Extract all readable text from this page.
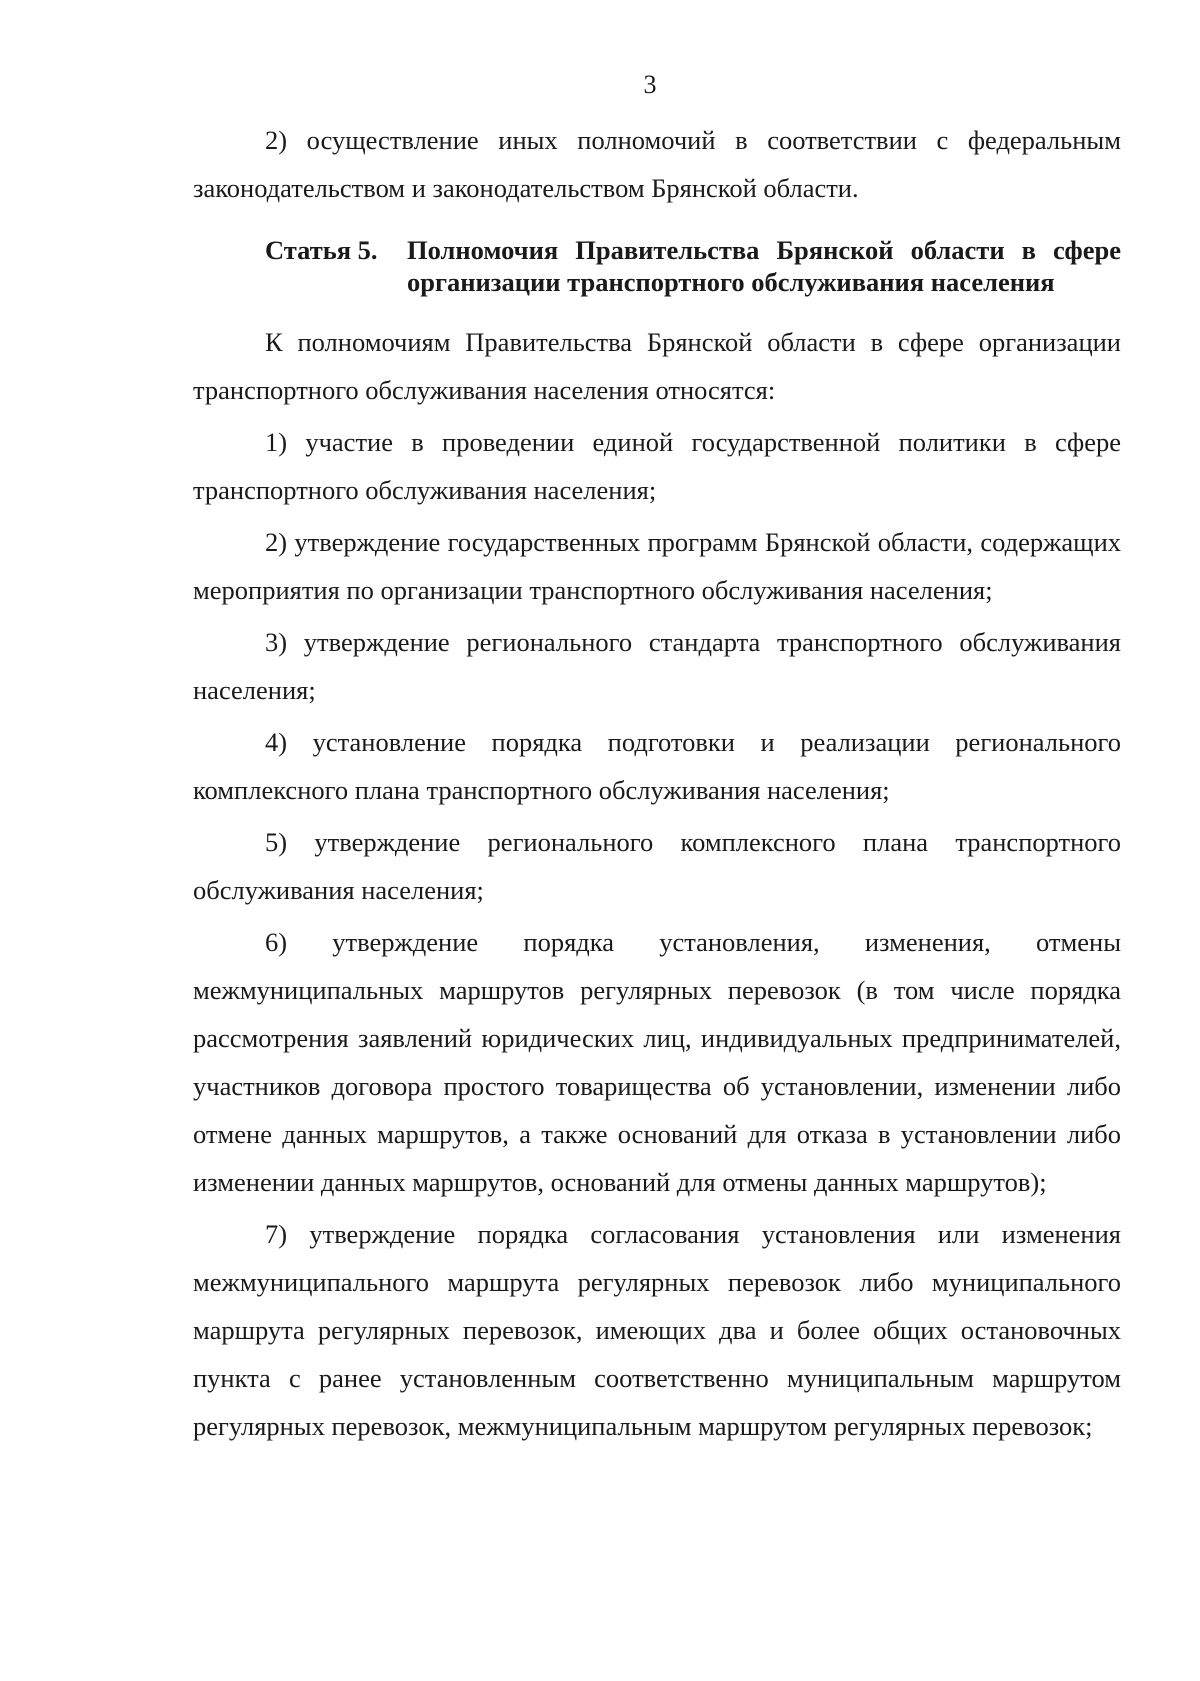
3

2) осуществление иных полномочий в соответствии с федеральным законодательством и законодательством Брянской области.

Статья 5.	Полномочия Правительства Брянской области в сфере
организации транспортного обслуживания населения

К полномочиям Правительства Брянской области в сфере организации транспортного обслуживания населения относятся:

1) участие в проведении единой государственной политики в сфере транспортного обслуживания населения;

2) утверждение государственных программ Брянской области, содержащих мероприятия по организации транспортного обслуживания населения;

3) утверждение регионального стандарта транспортного обслуживания населения;

4) установление порядка подготовки и реализации регионального комплексного плана транспортного обслуживания населения;

5) утверждение регионального комплексного плана транспортного обслуживания населения;

6) утверждение порядка установления, изменения, отмены межмуниципальных маршрутов регулярных перевозок (в том числе порядка рассмотрения заявлений юридических лиц, индивидуальных предпринимателей, участников договора простого товарищества об установлении, изменении либо отмене данных маршрутов, а также оснований для отказа в установлении либо изменении данных маршрутов, оснований для отмены данных маршрутов);

7) утверждение порядка согласования установления или изменения межмуниципального маршрута регулярных перевозок либо муниципального маршрута регулярных перевозок, имеющих два и более общих остановочных пункта с ранее установленным соответственно муниципальным маршрутом регулярных перевозок, межмуниципальным маршрутом регулярных перевозок;
